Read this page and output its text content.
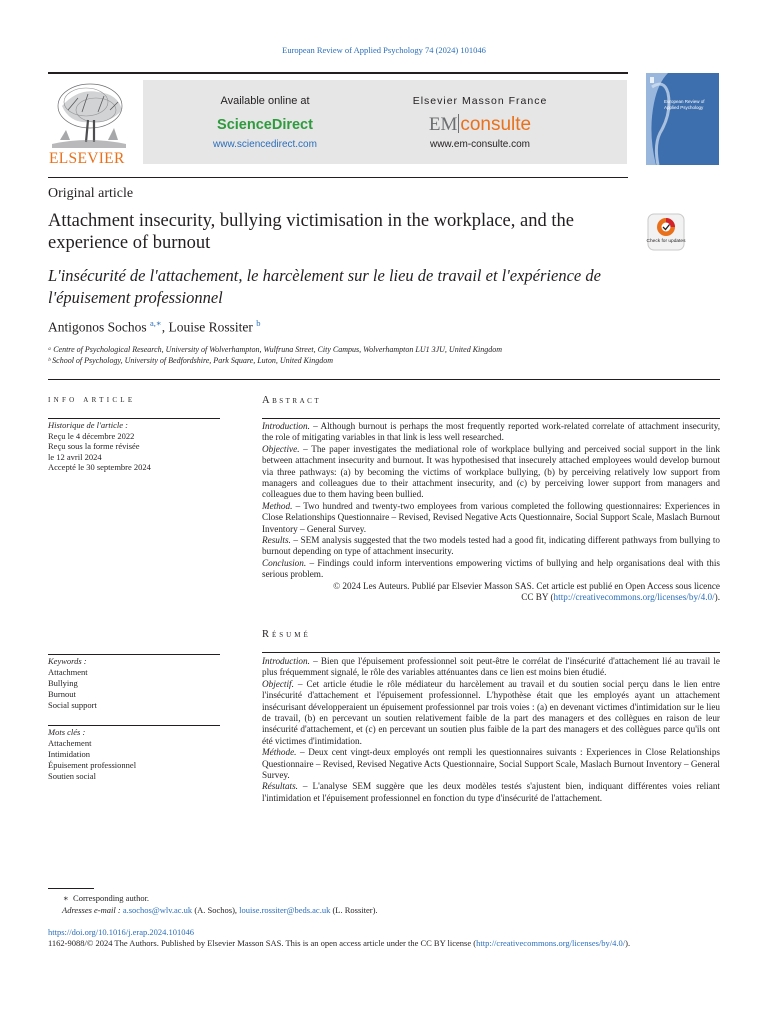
European Review of Applied Psychology 74 (2024) 101046
ELSEVIER
Available online at
ScienceDirect
www.sciencedirect.com
Elsevier Masson France
EM consulte
www.em-consulte.com
European Review of Applied Psychology
Original article
Attachment insecurity, bullying victimisation in the workplace, and the experience of burnout	Check for updates
L'insécurité de l'attachement, le harcèlement sur le lieu de travail et l'expérience de l'épuisement professionnel
Antigonos Sochos $^{a,∗}$, Louise Rossiter $^b$
ᵃ Centre of Psychological Research, University of Wolverhampton, Wulfruna Street, City Campus, Wolverhampton LU1 3JU, United Kingdom
ᵇ School of Psychology, University of Bedfordshire, Park Square, Luton, United Kingdom
info article
Historique de l'article :
Reçu le 4 décembre 2022
Reçu sous la forme révisée
le 12 avril 2024
Accepté le 30 septembre 2024
Keywords :
Attachment
Bullying
Burnout
Social support
Mots clés :
Attachement
Intimidation
Épuisement professionnel
Soutien social
Abstract
Introduction. – Although burnout is perhaps the most frequently reported work-related correlate of attachment insecurity, the role of mitigating variables in that link is less well researched.
Objective. – The paper investigates the mediational role of workplace bullying and perceived social support in the link between attachment insecurity and burnout. It was hypothesised that insecurely attached employees would develop burnout via three pathways: (a) by becoming the victims of workplace bullying, (b) by perceiving relatively low support from managers and colleagues due to their attachment insecurity, and (c) by perceiving lower support from managers and colleagues due to them having been bullied.
Method. – Two hundred and twenty-two employees from various completed the following questionnaires: Experiences in Close Relationships Questionnaire – Revised, Revised Negative Acts Questionnaire, Social Support Scale, Maslach Burnout Inventory – General Survey.
Results. – SEM analysis suggested that the two models tested had a good fit, indicating different pathways from bullying to burnout depending on type of attachment insecurity.
Conclusion. – Findings could inform interventions empowering victims of bullying and help organisations deal with this serious problem.
© 2024 Les Auteurs. Publié par Elsevier Masson SAS. Cet article est publié en Open Access sous licence
CC BY (http://creativecommons.org/licenses/by/4.0/).
Résumé
Introduction. – Bien que l'épuisement professionnel soit peut-être le corrélat de l'insécurité d'attachement lié au travail le plus fréquemment signalé, le rôle des variables atténuantes dans ce lien est moins bien étudié.
Objectif. – Cet article étudie le rôle médiateur du harcèlement au travail et du soutien social perçu dans le lien entre l'insécurité d'attachement et l'épuisement professionnel. L'hypothèse était que les employés ayant un attachement insécurisant développeraient un épuisement professionnel par trois voies : (a) en devenant victimes d'intimidation sur le lieu de travail, (b) en percevant un soutien relativement faible de la part des managers et des collègues en raison de leur insécurité d'attachement, et (c) en percevant un soutien plus faible de la part des managers et des collègues parce qu'ils ont été victimes d'intimidation.
Méthode. – Deux cent vingt-deux employés ont rempli les questionnaires suivants : Experiences in Close Relationships Questionnaire – Revised, Revised Negative Acts Questionnaire, Social Support Scale, Maslach Burnout Inventory – General Survey.
Résultats. – L'analyse SEM suggère que les deux modèles testés s'ajustent bien, indiquant différentes voies reliant l'intimidation et l'épuisement professionnel en fonction du type d'insécurité de l'attachement.
∗ Corresponding author.
Adresses e-mail : a.sochos@wlv.ac.uk (A. Sochos), louise.rossiter@beds.ac.uk (L. Rossiter).
https://doi.org/10.1016/j.erap.2024.101046
1162-9088/© 2024 The Authors. Published by Elsevier Masson SAS. This is an open access article under the CC BY license (http://creativecommons.org/licenses/by/4.0/).
